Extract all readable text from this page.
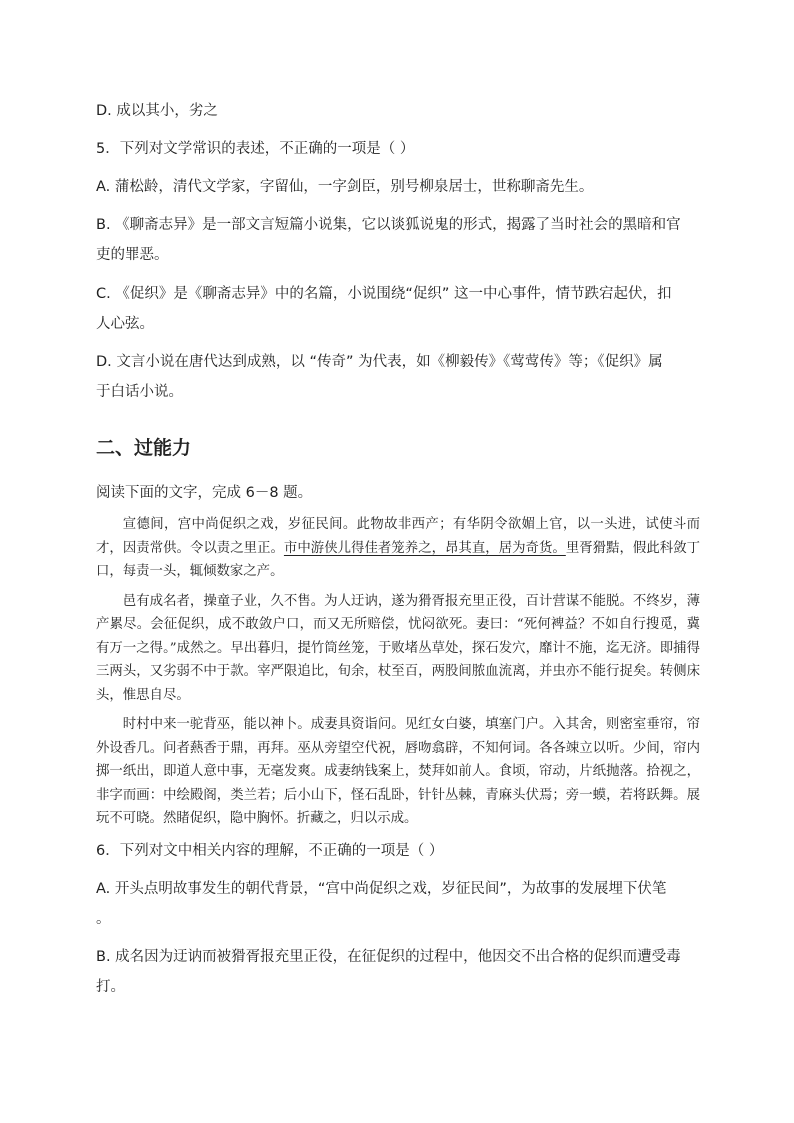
D. 成以其小，劣之
5．下列对文学常识的表述，不正确的一项是（ ）
A. 蒲松龄，清代文学家，字留仙，一字剑臣，别号柳泉居士，世称聊斋先生。
B. 《聊斋志异》是一部文言短篇小说集，它以谈狐说鬼的形式，揭露了当时社会的黑暗和官
吏的罪恶。
C. 《促织》是《聊斋志异》中的名篇，小说围绕“促织” 这一中心事件，情节跌宕起伏，扣
人心弦。
D. 文言小说在唐代达到成熟，以 “传奇” 为代表，如《柳毅传》《莺莺传》等；《促织》属
于白话小说。
二、过能力
阅读下面的文字，完成 6－8 题。

宣德间，宫中尚促织之戏，岁征民间。此物故非西产；有华阴令欲媚上官，以一头进，试使斗而才，因责常供。令以责之里正。市中游侠儿得佳者笼养之，昂其直，居为奇货。里胥猾黠，假此科敛丁口，每责一头，辄倾数家之产。

邑有成名者，操童子业，久不售。为人迂讷，遂为猾胥报充里正役，百计营谋不能脱。不终岁，薄产累尽。会征促织，成不敢敛户口，而又无所赔偿，忧闷欲死。妻曰：“死何裨益？不如自行搜觅，冀有万一之得。”成然之。早出暮归，提竹筒丝笼，于败堵丛草处，探石发穴，靡计不施，迄无济。即捕得三两头，又劣弱不中于款。宰严限追比，旬余，杖至百，两股间脓血流离，并虫亦不能行捉矣。转侧床头，惟思自尽。

时村中来一驼背巫，能以神卜。成妻具资诣问。见红女白婆，填塞门户。入其舍，则密室垂帘，帘外设香几。问者爇香于鼎，再拜。巫从旁望空代祝，唇吻翕辟，不知何词。各各竦立以听。少间，帘内掷一纸出，即道人意中事，无毫发爽。成妻纳钱案上，焚拜如前人。食顷，帘动，片纸抛落。拾视之，非字而画：中绘殿阁，类兰若；后小山下，怪石乱卧，针针丛棘，青麻头伏焉；旁一蟆，若将跃舞。展玩不可晓。然睹促织，隐中胸怀。折藏之，归以示成。

6．下列对文中相关内容的理解，不正确的一项是（ ）
A. 开头点明故事发生的朝代背景，“宫中尚促织之戏，岁征民间”，为故事的发展埋下伏笔
。
B. 成名因为迂讷而被猾胥报充里正役，在征促织的过程中，他因交不出合格的促织而遭受毒
打。
